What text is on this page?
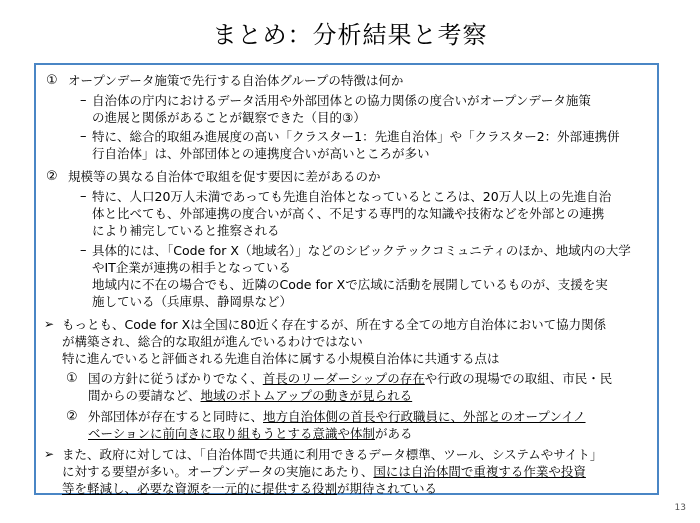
まとめ：分析結果と考察
① オープンデータ施策で先行する自治体グループの特徴は何か
– 自治体の庁内におけるデータ活用や外部団体との協力関係の度合いがオープンデータ施策
の進展と関係があることが観察できた（目的③）
– 特に、総合的取組み進展度の高い「クラスター1：先進自治体」や「クラスター2：外部連携併
行自治体」は、外部団体との連携度合いが高いところが多い
② 規模等の異なる自治体で取組を促す要因に差があるのか
– 特に、人口20万人未満であっても先進自治体となっているところは、20万人以上の先進自治
体と比べても、外部連携の度合いが高く、不足する専門的な知識や技術などを外部との連携
により補完していると推察される
– 具体的には、「Code for X（地域名）」などのシビックテックコミュニティのほか、地域内の大学
やIT企業が連携の相手となっている
地域内に不在の場合でも、近隣のCode for Xで広域に活動を展開しているものが、支援を実
施している（兵庫県、静岡県など）
➢ もっとも、Code for Xは全国に80近く存在するが、所在する全ての地方自治体において協力関係
が構築され、総合的な取組が進んでいるわけではない
特に進んでいると評価される先進自治体に属する小規模自治体に共通する点は
① 国の方針に従うばかりでなく、首長のリーダーシップの存在や行政の現場での取組、市民・民
間からの要請など、地域のボトムアップの動きが見られる
② 外部団体が存在すると同時に、地方自治体側の首長や行政職員に、外部とのオープンイノ
ベーションに前向きに取り組もうとする意識や体制がある
➢ また、政府に対しては、「自治体間で共通に利用できるデータ標準、ツール、システムやサイト」
に対する要望が多い。オープンデータの実施にあたり、国には自治体間で重複する作業や投資
等を軽減し、必要な資源を一元的に提供する役割が期待されている
13
